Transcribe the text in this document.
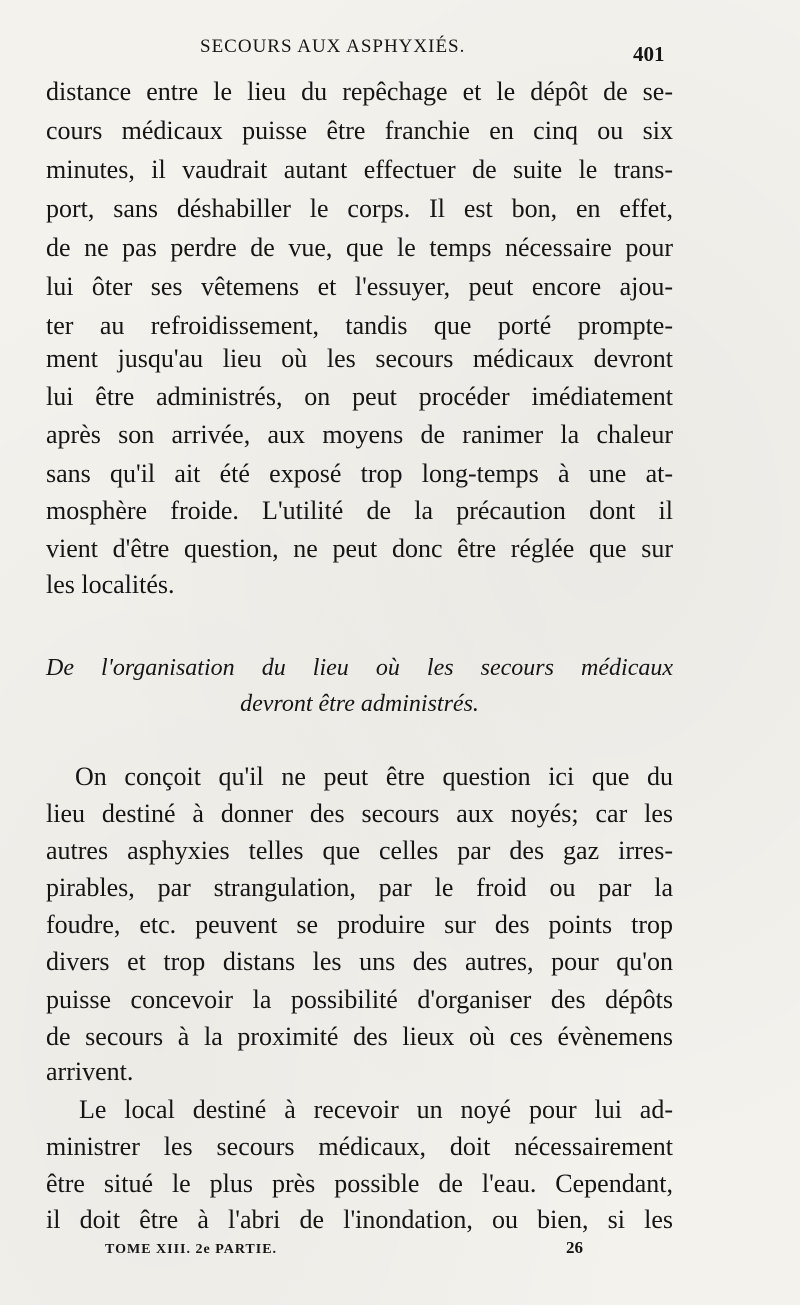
SECOURS AUX ASPHYXIÉS.	401
distance entre le lieu du repêchage et le dépôt de se-
cours médicaux puisse être franchie en cinq ou six
minutes, il vaudrait autant effectuer de suite le trans-
port, sans déshabiller le corps. Il est bon, en effet,
de ne pas perdre de vue, que le temps nécessaire pour
lui ôter ses vêtemens et l'essuyer, peut encore ajou-
ter au refroidissement, tandis que porté prompte-
ment jusqu'au lieu où les secours médicaux devront
lui être administrés, on peut procéder imédiatement
après son arrivée, aux moyens de ranimer la chaleur
sans qu'il ait été exposé trop long-temps à une at-
mosphère froide. L'utilité de la précaution dont il
vient d'être question, ne peut donc être réglée que sur
les localités.
De l'organisation du lieu où les secours médicaux
devront être administrés.
On conçoit qu'il ne peut être question ici que du
lieu destiné à donner des secours aux noyés; car les
autres asphyxies telles que celles par des gaz irres-
pirables, par strangulation, par le froid ou par la
foudre, etc. peuvent se produire sur des points trop
divers et trop distans les uns des autres, pour qu'on
puisse concevoir la possibilité d'organiser des dépôts
de secours à la proximité des lieux où ces évènemens
arrivent.
Le local destiné à recevoir un noyé pour lui ad-
ministrer les secours médicaux, doit nécessairement
être situé le plus près possible de l'eau. Cependant,
il doit être à l'abri de l'inondation, ou bien, si les
TOME XIII. 2e PARTIE.	26
